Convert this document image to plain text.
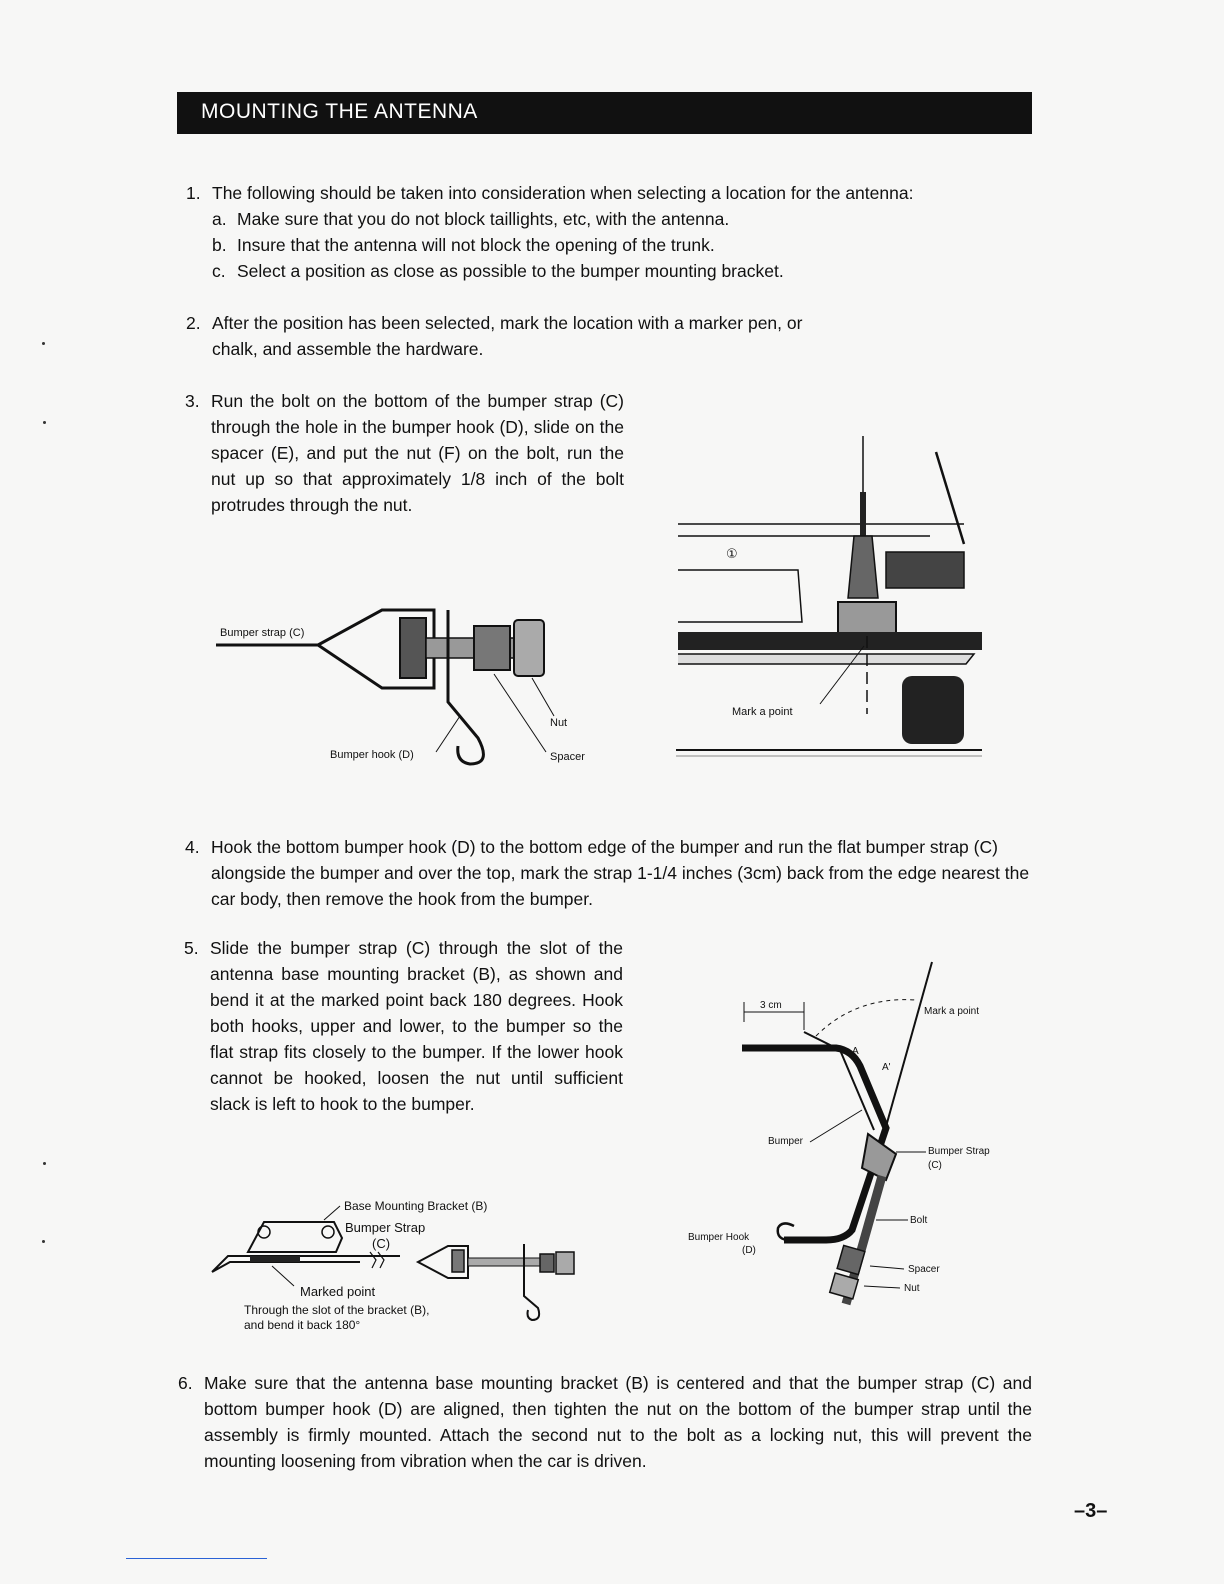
MOUNTING THE ANTENNA
1. The following should be taken into consideration when selecting a location for the antenna:
a. Make sure that you do not block taillights, etc, with the antenna.
b. Insure that the antenna will not block the opening of the trunk.
c. Select a position as close as possible to the bumper mounting bracket.
2. After the position has been selected, mark the location with a marker pen, or chalk, and assemble the hardware.
3. Run the bolt on the bottom of the bumper strap (C) through the hole in the bumper hook (D), slide on the spacer (E), and put the nut (F) on the bolt, run the nut up so that approximately 1/8 inch of the bolt protrudes through the nut.
Bumper strap (C)
Nut
Spacer
Bumper hook (D)
①
Mark a point
4. Hook the bottom bumper hook (D) to the bottom edge of the bumper and run the flat bumper strap (C) alongside the bumper and over the top, mark the strap 1-1/4 inches (3cm) back from the edge nearest the car body, then remove the hook from the bumper.
5. Slide the bumper strap (C) through the slot of the antenna base mounting bracket (B), as shown and bend it at the marked point back 180 degrees. Hook both hooks, upper and lower, to the bumper so the flat strap fits closely to the bumper. If the lower hook cannot be hooked, loosen the nut until sufficient slack is left to hook to the bumper.
Base Mounting Bracket (B)
Bumper Strap
(C)
Marked point
Through the slot of the bracket (B),
and bend it back 180°
3 cm
Mark a point
A
A'
Bumper
Bumper Strap
(C)
Bolt
Bumper Hook
(D)
Spacer
Nut
6. Make sure that the antenna base mounting bracket (B) is centered and that the bumper strap (C) and bottom bumper hook (D) are aligned, then tighten the nut on the bottom of the bumper strap until the assembly is firmly mounted. Attach the second nut to the bolt as a locking nut, this will prevent the mounting loosening from vibration when the car is driven.
–3–
